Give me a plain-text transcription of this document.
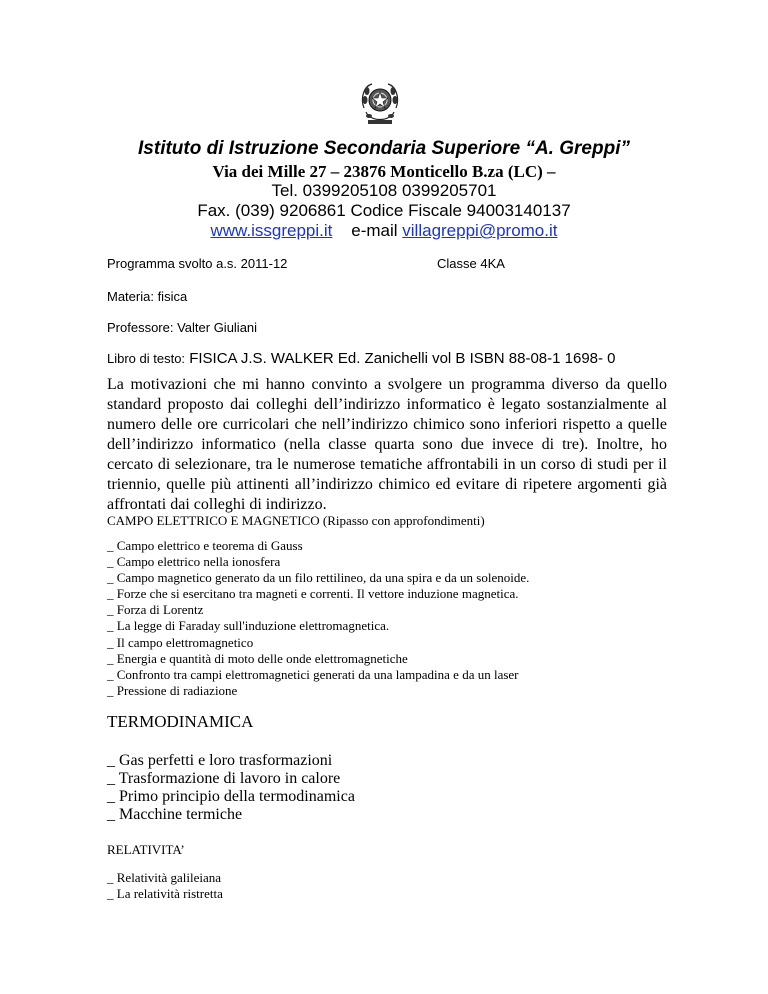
Istituto di Istruzione Secondaria Superiore “A. Greppi”
Via dei Mille 27 – 23876 Monticello B.za (LC) –
Tel. 0399205108 0399205701
Fax. (039) 9206861 Codice Fiscale 94003140137
www.issgreppi.it e-mail villagreppi@promo.it
Programma svolto a.s. 2011-12	Classe 4KA
Materia: fisica
Professore: Valter Giuliani
Libro di testo: FISICA J.S. WALKER Ed. Zanichelli vol B ISBN 88-08-1 1698- 0
La motivazioni che mi hanno convinto a svolgere un programma diverso da quello standard proposto dai colleghi dell’indirizzo informatico è legato sostanzialmente al numero delle ore curricolari che nell’indirizzo chimico sono inferiori rispetto a quelle dell’indirizzo informatico (nella classe quarta sono due invece di tre). Inoltre, ho cercato di selezionare, tra le numerose tematiche affrontabili in un corso di studi per il triennio, quelle più attinenti all’indirizzo chimico ed evitare di ripetere argomenti già affrontati dai colleghi di indirizzo.
CAMPO ELETTRICO E MAGNETICO (Ripasso con approfondimenti)
_ Campo elettrico e teorema di Gauss
_ Campo elettrico nella ionosfera
_ Campo magnetico generato da un filo rettilineo, da una spira e da un solenoide.
_ Forze che si esercitano tra magneti e correnti. Il vettore induzione magnetica.
_ Forza di Lorentz
_ La legge di Faraday sull'induzione elettromagnetica.
_ Il campo elettromagnetico
_ Energia e quantità di moto delle onde elettromagnetiche
_ Confronto tra campi elettromagnetici generati da una lampadina e da un laser
_ Pressione di radiazione
TERMODINAMICA
_ Gas perfetti e loro trasformazioni
_ Trasformazione di lavoro in calore
_ Primo principio della termodinamica
_ Macchine termiche
RELATIVITA’
_ Relatività galileiana
_ La relatività ristretta
